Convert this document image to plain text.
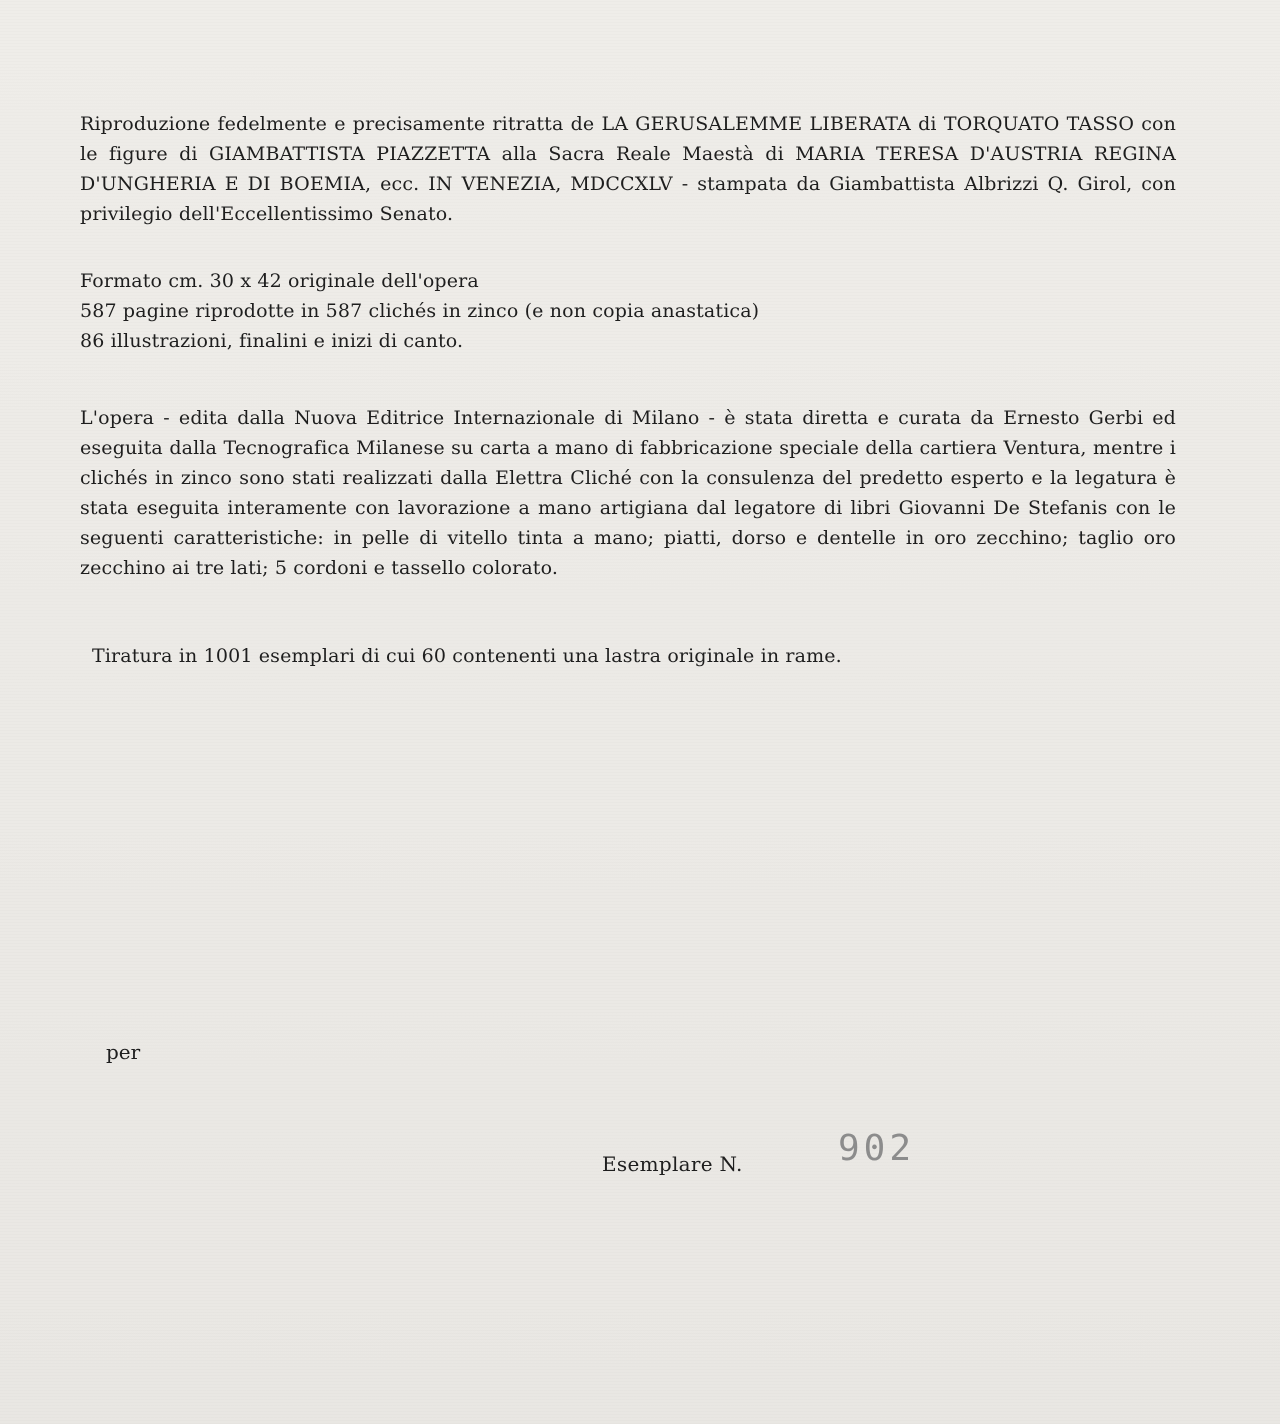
Riproduzione fedelmente e precisamente ritratta de LA GERUSALEMME LIBERATA di TORQUATO TASSO con le figure di GIAMBATTISTA PIAZZETTA alla Sacra Reale Maestà di MARIA TERESA D'AUSTRIA REGINA D'UNGHERIA E DI BOEMIA, ecc. IN VENEZIA, MDCCXLV - stampata da Giambattista Albrizzi Q. Girol, con privilegio dell'Eccellentissimo Senato.

Formato cm. 30 x 42 originale dell'opera
587 pagine riprodotte in 587 clichés in zinco (e non copia anastatica)
86 illustrazioni, finalini e inizi di canto.

L'opera - edita dalla Nuova Editrice Internazionale di Milano - è stata diretta e curata da Ernesto Gerbi ed eseguita dalla Tecnografica Milanese su carta a mano di fabbricazione speciale della cartiera Ventura, mentre i clichés in zinco sono stati realizzati dalla Elettra Cliché con la consulenza del predetto esperto e la legatura è stata eseguita interamente con lavorazione a mano artigiana dal legatore di libri Giovanni De Stefanis con le seguenti caratteristiche: in pelle di vitello tinta a mano; piatti, dorso e dentelle in oro zecchino; taglio oro zecchino ai tre lati; 5 cordoni e tassello colorato.

Tiratura in 1001 esemplari di cui 60 contenenti una lastra originale in rame.

Esemplare N.	902
per
